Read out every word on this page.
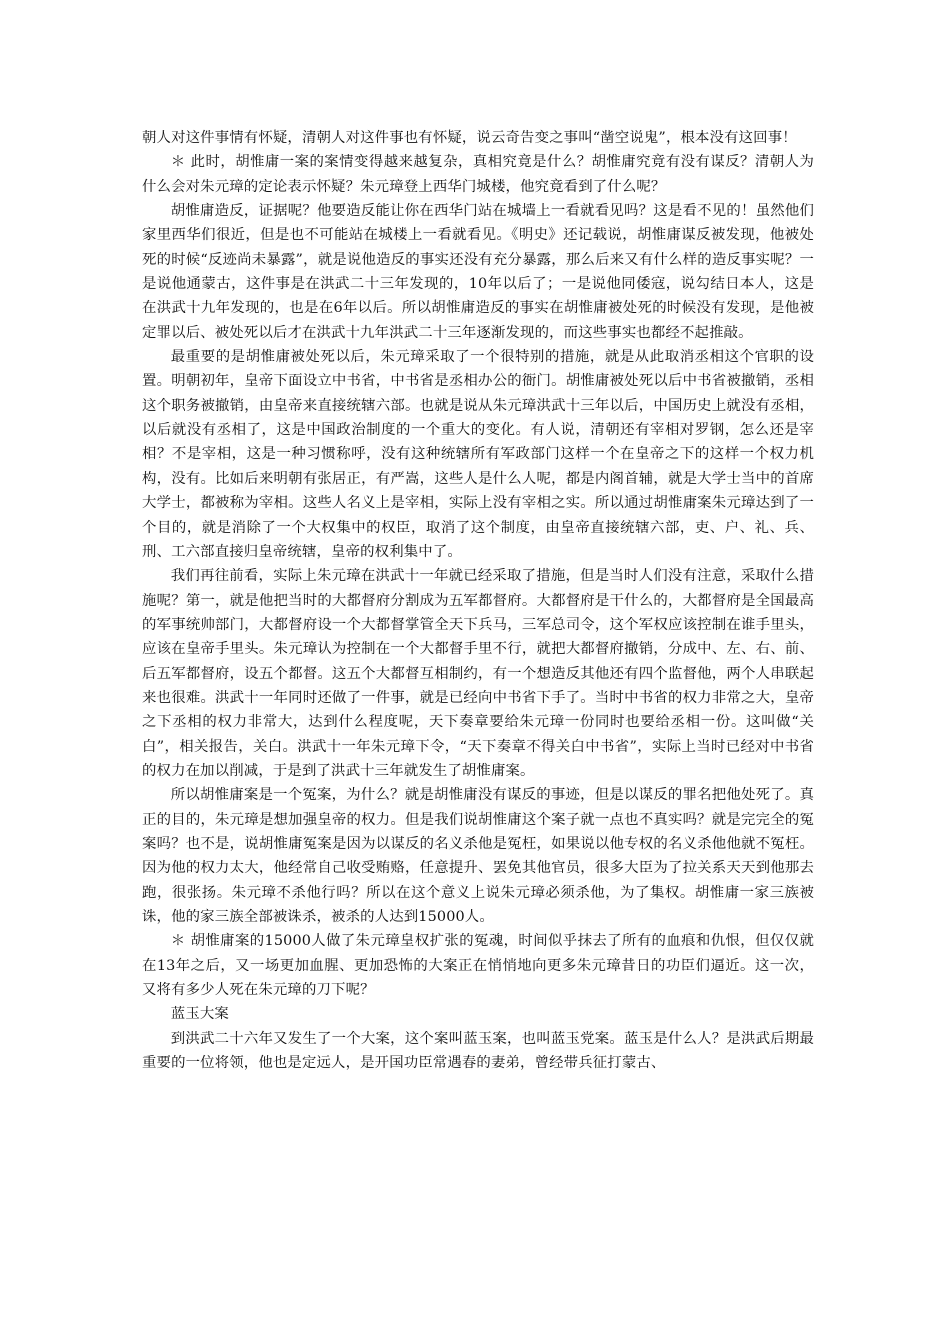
朝人对这件事情有怀疑，清朝人对这件事也有怀疑，说云奇告变之事叫“凿空说鬼”，根本没有这回事！

＊ 此时，胡惟庸一案的案情变得越来越复杂，真相究竟是什么？胡惟庸究竟有没有谋反？清朝人为什么会对朱元璋的定论表示怀疑？朱元璋登上西华门城楼，他究竟看到了什么呢？

胡惟庸造反，证据呢？他要造反能让你在西华门站在城墙上一看就看见吗？这是看不见的！虽然他们家里西华们很近，但是也不可能站在城楼上一看就看见。《明史》还记载说，胡惟庸谋反被发现，他被处死的时候“反迹尚未暴露”，就是说他造反的事实还没有充分暴露，那么后来又有什么样的造反事实呢？一是说他通蒙古，这件事是在洪武二十三年发现的，10年以后了；一是说他同倭寇，说勾结日本人，这是在洪武十九年发现的，也是在6年以后。所以胡惟庸造反的事实在胡惟庸被处死的时候没有发现，是他被定罪以后、被处死以后才在洪武十九年洪武二十三年逐渐发现的，而这些事实也都经不起推敲。

最重要的是胡惟庸被处死以后，朱元璋采取了一个很特别的措施，就是从此取消丞相这个官职的设置。明朝初年，皇帝下面设立中书省，中书省是丞相办公的衙门。胡惟庸被处死以后中书省被撤销，丞相这个职务被撤销，由皇帝来直接统辖六部。也就是说从朱元璋洪武十三年以后，中国历史上就没有丞相，以后就没有丞相了，这是中国政治制度的一个重大的变化。有人说，清朝还有宰相对罗钢，怎么还是宰相？不是宰相，这是一种习惯称呼，没有这种统辖所有军政部门这样一个在皇帝之下的这样一个权力机构，没有。比如后来明朝有张居正，有严嵩，这些人是什么人呢，都是内阁首辅，就是大学士当中的首席大学士，都被称为宰相。这些人名义上是宰相，实际上没有宰相之实。所以通过胡惟庸案朱元璋达到了一个目的，就是消除了一个大权集中的权臣，取消了这个制度，由皇帝直接统辖六部，吏、户、礼、兵、刑、工六部直接归皇帝统辖，皇帝的权利集中了。

我们再往前看，实际上朱元璋在洪武十一年就已经采取了措施，但是当时人们没有注意，采取什么措施呢？第一，就是他把当时的大都督府分割成为五军都督府。大都督府是干什么的，大都督府是全国最高的军事统帅部门，大都督府设一个大都督掌管全天下兵马，三军总司令，这个军权应该控制在谁手里头，应该在皇帝手里头。朱元璋认为控制在一个大都督手里不行，就把大都督府撤销，分成中、左、右、前、后五军都督府，设五个都督。这五个大都督互相制约，有一个想造反其他还有四个监督他，两个人串联起来也很难。洪武十一年同时还做了一件事，就是已经向中书省下手了。当时中书省的权力非常之大，皇帝之下丞相的权力非常大，达到什么程度呢，天下奏章要给朱元璋一份同时也要给丞相一份。这叫做“关白”，相关报告，关白。洪武十一年朱元璋下令，“天下奏章不得关白中书省”，实际上当时已经对中书省的权力在加以削减，于是到了洪武十三年就发生了胡惟庸案。

所以胡惟庸案是一个冤案，为什么？就是胡惟庸没有谋反的事迹，但是以谋反的罪名把他处死了。真正的目的，朱元璋是想加强皇帝的权力。但是我们说胡惟庸这个案子就一点也不真实吗？就是完完全的冤案吗？也不是，说胡惟庸冤案是因为以谋反的名义杀他是冤枉，如果说以他专权的名义杀他他就不冤枉。因为他的权力太大，他经常自己收受贿赂，任意提升、罢免其他官员，很多大臣为了拉关系天天到他那去跑，很张扬。朱元璋不杀他行吗？所以在这个意义上说朱元璋必须杀他，为了集权。胡惟庸一家三族被诛，他的家三族全部被诛杀，被杀的人达到15000人。

＊ 胡惟庸案的15000人做了朱元璋皇权扩张的冤魂，时间似乎抹去了所有的血痕和仇恨，但仅仅就在13年之后，又一场更加血腥、更加恐怖的大案正在悄悄地向更多朱元璋昔日的功臣们逼近。这一次，又将有多少人死在朱元璋的刀下呢？

蓝玉大案

到洪武二十六年又发生了一个大案，这个案叫蓝玉案，也叫蓝玉党案。蓝玉是什么人？是洪武后期最重要的一位将领，他也是定远人，是开国功臣常遇春的妻弟，曾经带兵征打蒙古、
